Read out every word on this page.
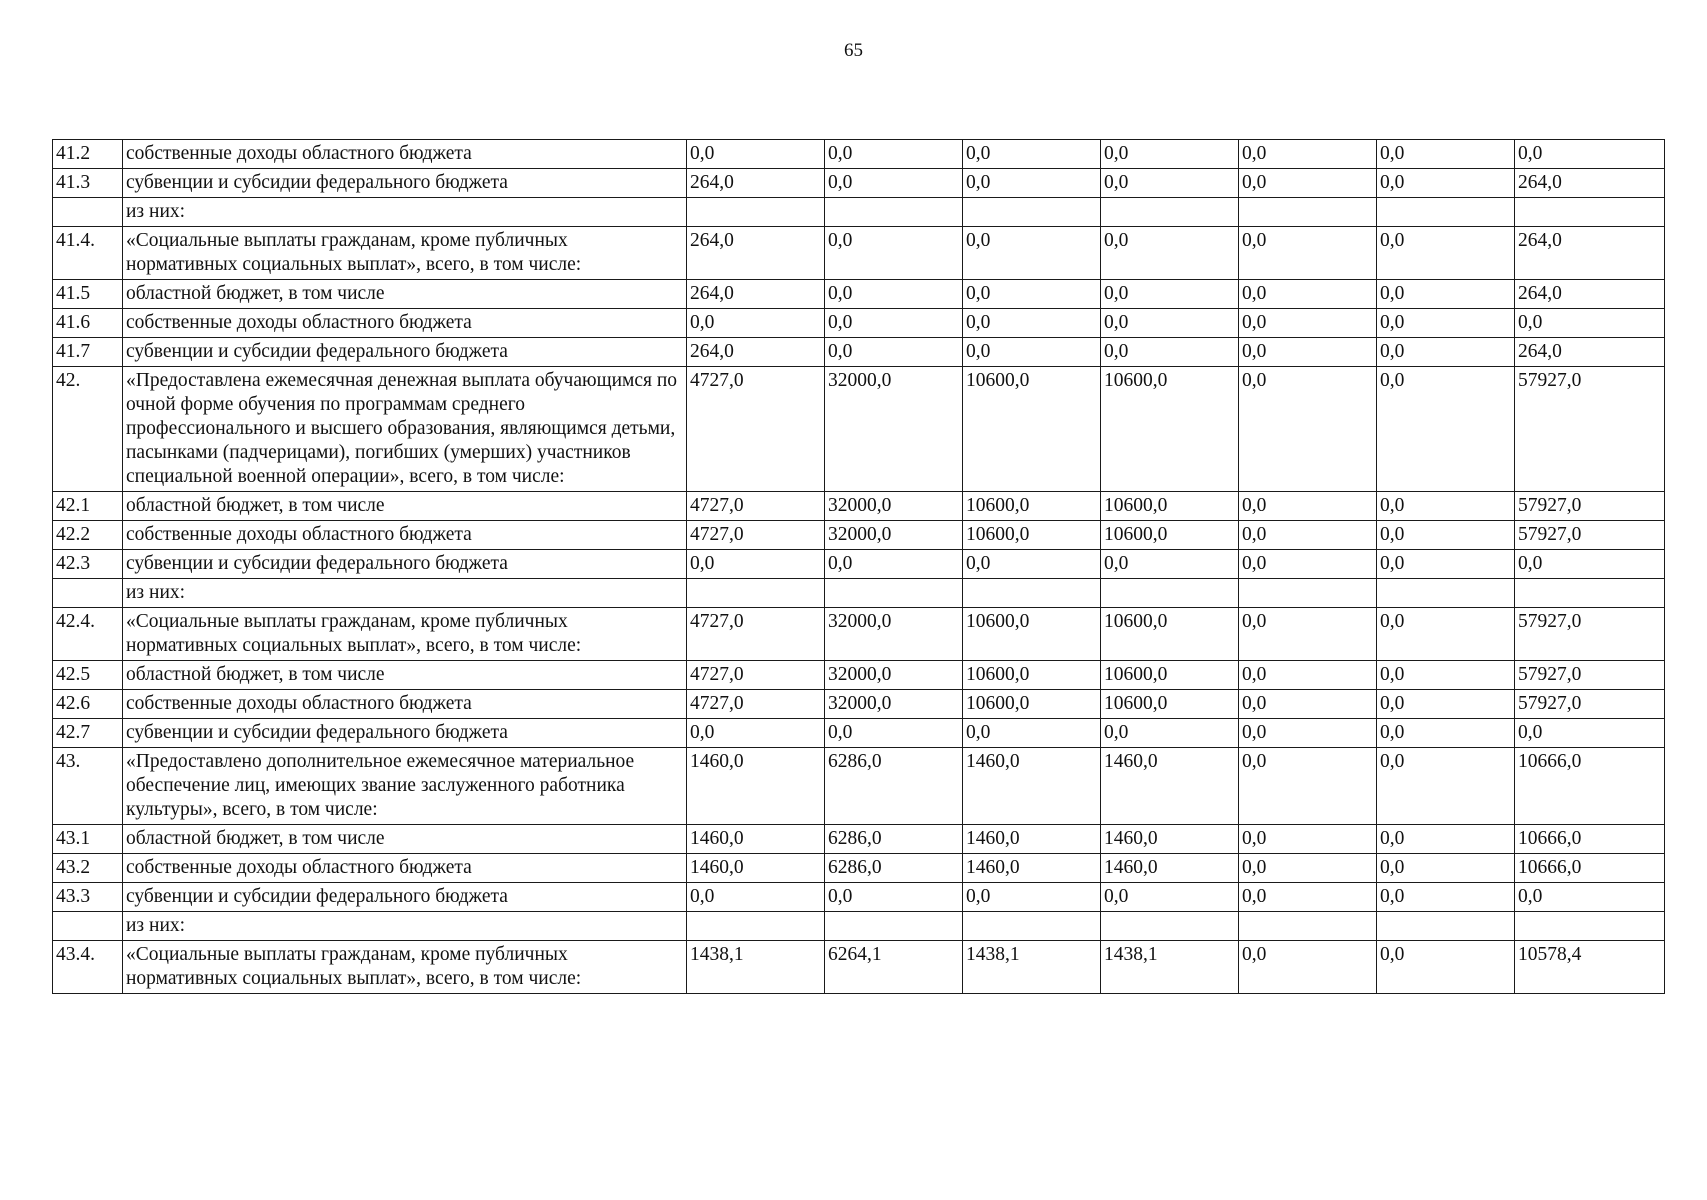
65
41.2	собственные доходы областного бюджета	0,0	0,0	0,0	0,0	0,0	0,0	0,0
41.3	субвенции и субсидии федерального бюджета	264,0	0,0	0,0	0,0	0,0	0,0	264,0
	из них:							
41.4.	«Социальные выплаты гражданам, кроме публичных нормативных социальных выплат», всего, в том числе:	264,0	0,0	0,0	0,0	0,0	0,0	264,0
41.5	областной бюджет, в том числе	264,0	0,0	0,0	0,0	0,0	0,0	264,0
41.6	собственные доходы областного бюджета	0,0	0,0	0,0	0,0	0,0	0,0	0,0
41.7	субвенции и субсидии федерального бюджета	264,0	0,0	0,0	0,0	0,0	0,0	264,0
42.	«Предоставлена ежемесячная денежная выплата обучающимся по очной форме обучения по программам среднего профессионального и высшего образования, являющимся детьми, пасынками (падчерицами), погибших (умерших) участников специальной военной операции», всего, в том числе:	4727,0	32000,0	10600,0	10600,0	0,0	0,0	57927,0
42.1	областной бюджет, в том числе	4727,0	32000,0	10600,0	10600,0	0,0	0,0	57927,0
42.2	собственные доходы областного бюджета	4727,0	32000,0	10600,0	10600,0	0,0	0,0	57927,0
42.3	субвенции и субсидии федерального бюджета	0,0	0,0	0,0	0,0	0,0	0,0	0,0
	из них:							
42.4.	«Социальные выплаты гражданам, кроме публичных нормативных социальных выплат», всего, в том числе:	4727,0	32000,0	10600,0	10600,0	0,0	0,0	57927,0
42.5	областной бюджет, в том числе	4727,0	32000,0	10600,0	10600,0	0,0	0,0	57927,0
42.6	собственные доходы областного бюджета	4727,0	32000,0	10600,0	10600,0	0,0	0,0	57927,0
42.7	субвенции и субсидии федерального бюджета	0,0	0,0	0,0	0,0	0,0	0,0	0,0
43.	«Предоставлено дополнительное ежемесячное материальное обеспечение лиц, имеющих звание заслуженного работника культуры», всего, в том числе:	1460,0	6286,0	1460,0	1460,0	0,0	0,0	10666,0
43.1	областной бюджет, в том числе	1460,0	6286,0	1460,0	1460,0	0,0	0,0	10666,0
43.2	собственные доходы областного бюджета	1460,0	6286,0	1460,0	1460,0	0,0	0,0	10666,0
43.3	субвенции и субсидии федерального бюджета	0,0	0,0	0,0	0,0	0,0	0,0	0,0
	из них:							
43.4.	«Социальные выплаты гражданам, кроме публичных нормативных социальных выплат», всего, в том числе:	1438,1	6264,1	1438,1	1438,1	0,0	0,0	10578,4
